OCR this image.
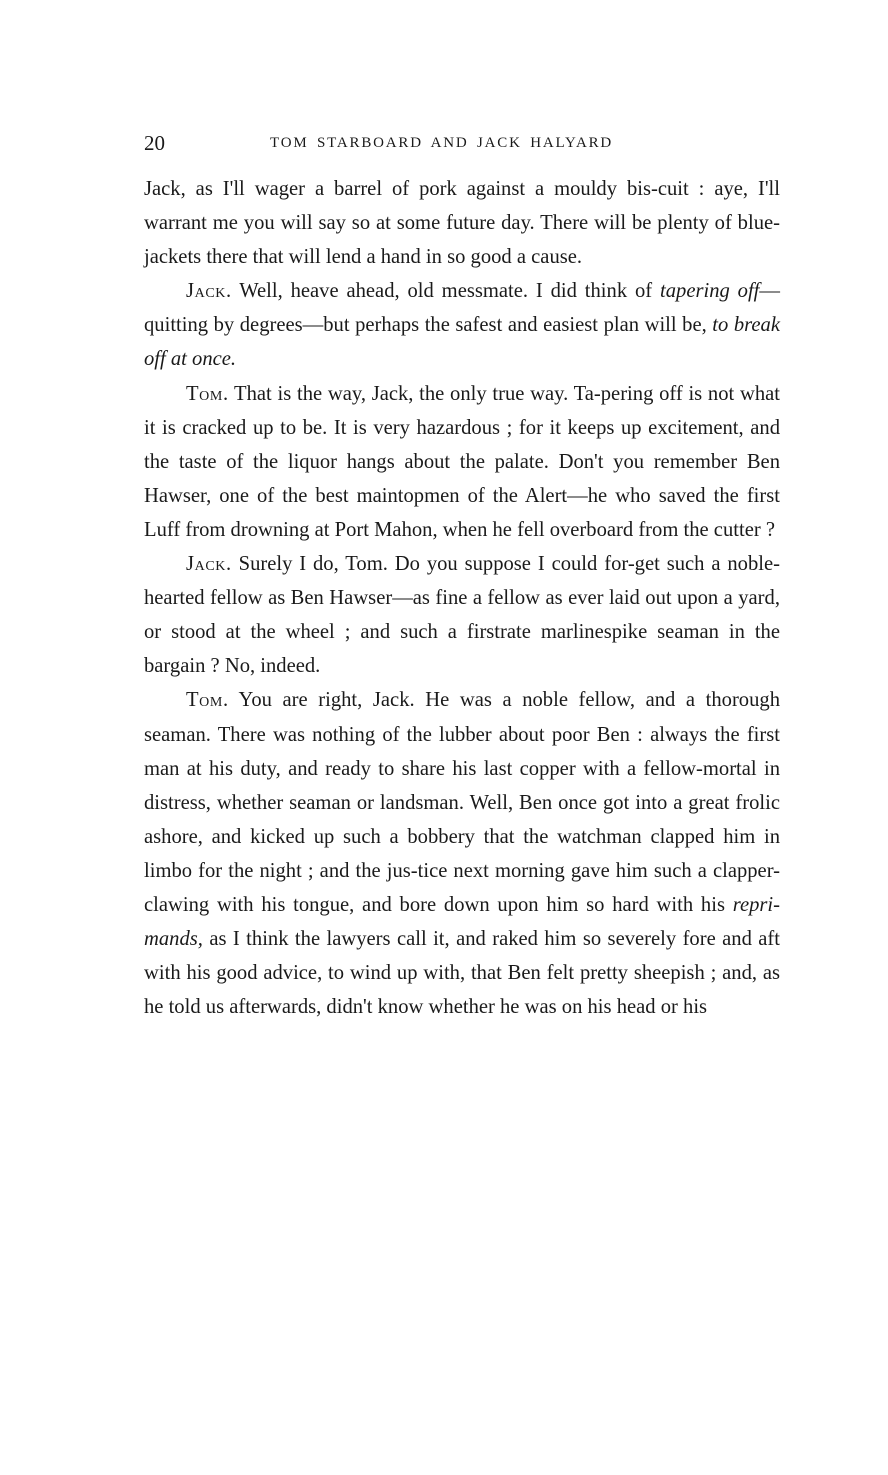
20	TOM STARBOARD AND JACK HALYARD

Jack, as I'll wager a barrel of pork against a mouldy bis-cuit : aye, I'll warrant me you will say so at some future day. There will be plenty of blue-jackets there that will lend a hand in so good a cause.

Jack. Well, heave ahead, old messmate. I did think of tapering off—quitting by degrees—but perhaps the safest and easiest plan will be, to break off at once.

Tom. That is the way, Jack, the only true way. Ta-pering off is not what it is cracked up to be. It is very hazardous ; for it keeps up excitement, and the taste of the liquor hangs about the palate. Don't you remember Ben Hawser, one of the best maintopmen of the Alert—he who saved the first Luff from drowning at Port Mahon, when he fell overboard from the cutter ?

Jack. Surely I do, Tom. Do you suppose I could for-get such a noble-hearted fellow as Ben Hawser—as fine a fellow as ever laid out upon a yard, or stood at the wheel ; and such a firstrate marlinespike seaman in the bargain ? No, indeed.

Tom. You are right, Jack. He was a noble fellow, and a thorough seaman. There was nothing of the lubber about poor Ben : always the first man at his duty, and ready to share his last copper with a fellow-mortal in distress, whether seaman or landsman. Well, Ben once got into a great frolic ashore, and kicked up such a bobbery that the watchman clapped him in limbo for the night ; and the jus-tice next morning gave him such a clapper-clawing with his tongue, and bore down upon him so hard with his repri-mands, as I think the lawyers call it, and raked him so severely fore and aft with his good advice, to wind up with, that Ben felt pretty sheepish ; and, as he told us afterwards, didn't know whether he was on his head or his
